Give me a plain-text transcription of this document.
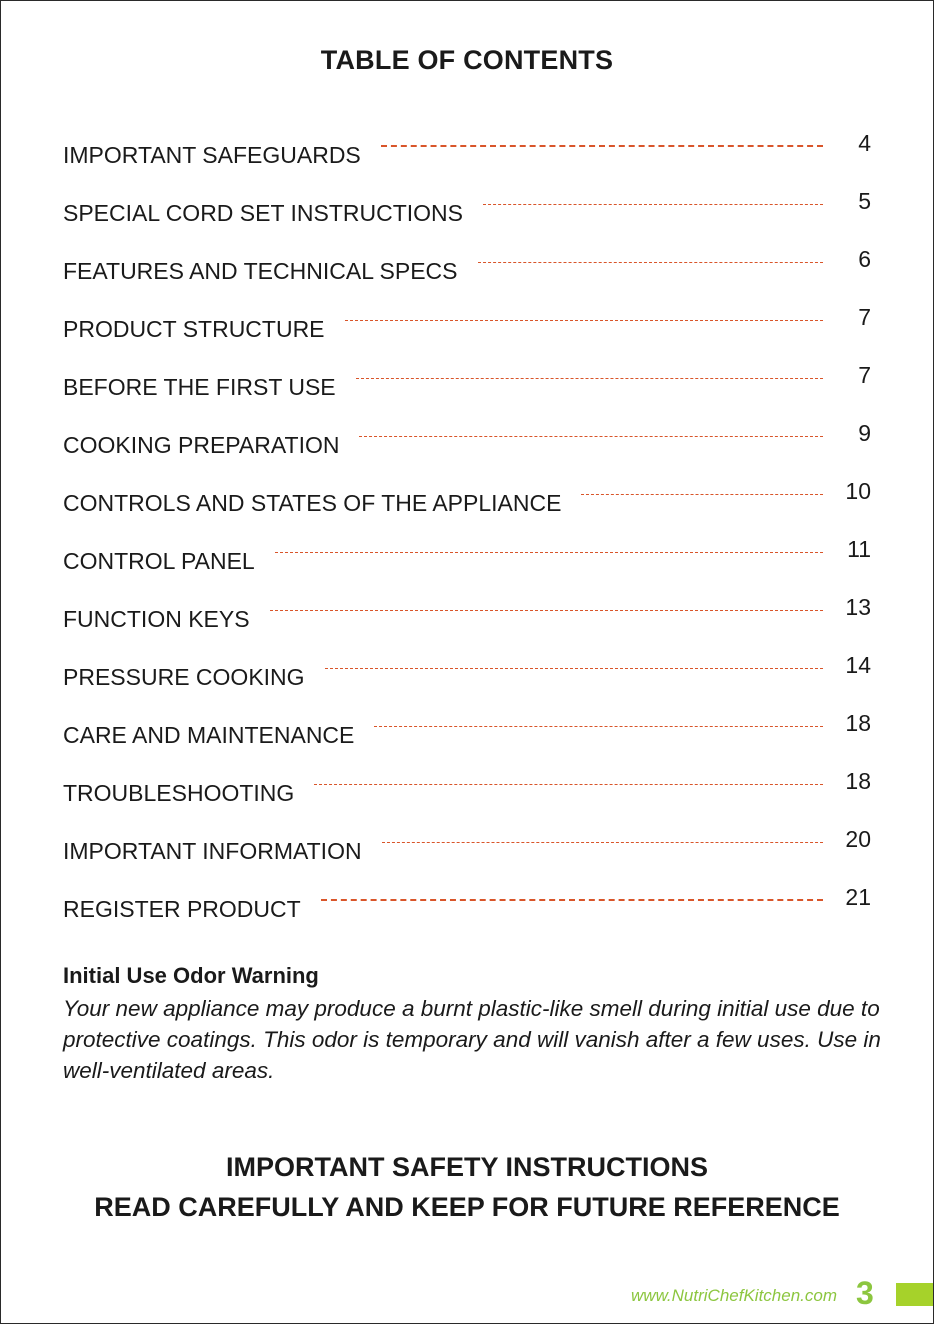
TABLE OF CONTENTS
IMPORTANT SAFEGUARDS	4
SPECIAL CORD SET INSTRUCTIONS	5
FEATURES AND TECHNICAL SPECS	6
PRODUCT STRUCTURE	7
BEFORE THE FIRST USE	7
COOKING PREPARATION	9
CONTROLS AND STATES OF THE APPLIANCE	10
CONTROL PANEL	11
FUNCTION KEYS	13
PRESSURE COOKING	14
CARE AND MAINTENANCE	18
TROUBLESHOOTING	18
IMPORTANT INFORMATION	20
REGISTER PRODUCT	21
Initial Use Odor Warning
Your new appliance may produce a burnt plastic-like smell during initial use due to protective coatings. This odor is temporary and will vanish after a few uses. Use in well-ventilated areas.
IMPORTANT SAFETY INSTRUCTIONS
READ CAREFULLY AND KEEP FOR FUTURE REFERENCE
www.NutriChefKitchen.com 3
